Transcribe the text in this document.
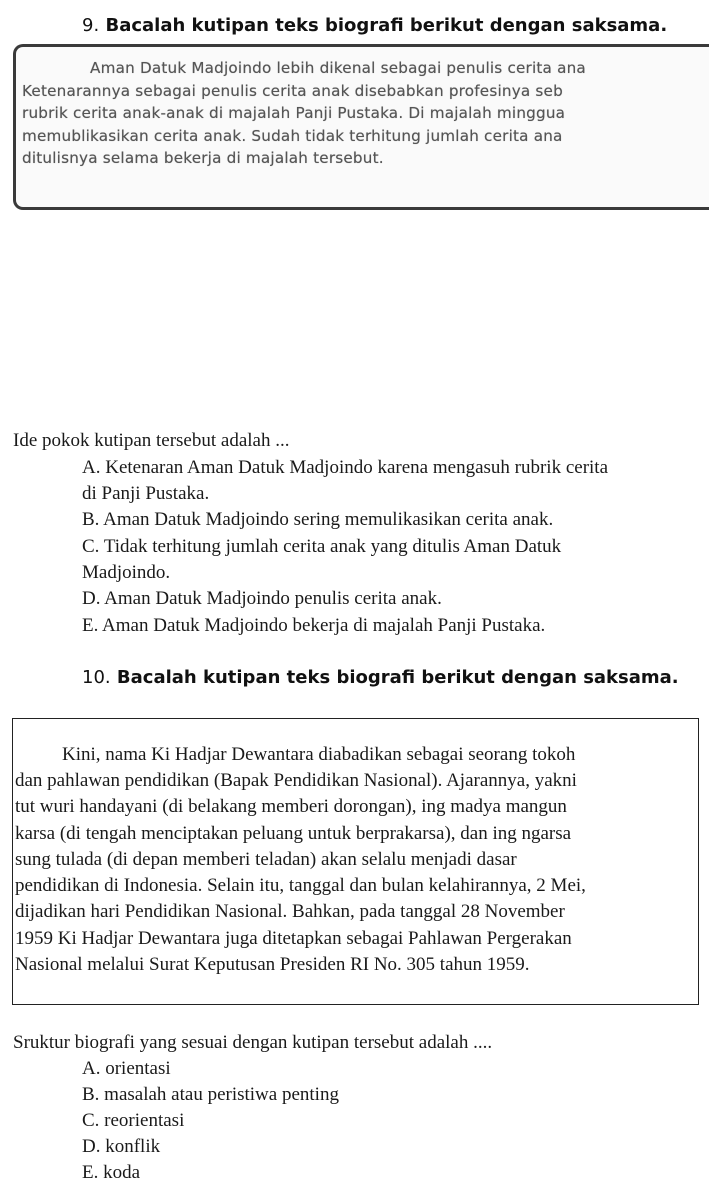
9. Bacalah kutipan teks biografi berikut dengan saksama.
Aman Datuk Madjoindo lebih dikenal sebagai penulis cerita ana
Ketenarannya sebagai penulis cerita anak disebabkan profesinya seb
rubrik cerita anak-anak di majalah Panji Pustaka. Di majalah minggua
memublikasikan cerita anak. Sudah tidak terhitung jumlah cerita ana
ditulisnya selama bekerja di majalah tersebut.
Ide pokok kutipan tersebut adalah ...
A. Ketenaran Aman Datuk Madjoindo karena mengasuh rubrik cerita
di Panji Pustaka.
B. Aman Datuk Madjoindo sering memulikasikan cerita anak.
C. Tidak terhitung jumlah cerita anak yang ditulis Aman Datuk
Madjoindo.
D. Aman Datuk Madjoindo penulis cerita anak.
E. Aman Datuk Madjoindo bekerja di majalah Panji Pustaka.
10. Bacalah kutipan teks biografi berikut dengan saksama.
Kini, nama Ki Hadjar Dewantara diabadikan sebagai seorang tokoh
dan pahlawan pendidikan (Bapak Pendidikan Nasional). Ajarannya, yakni
tut wuri handayani (di belakang memberi dorongan), ing madya mangun
karsa (di tengah menciptakan peluang untuk berprakarsa), dan ing ngarsa
sung tulada (di depan memberi teladan) akan selalu menjadi dasar
pendidikan di Indonesia. Selain itu, tanggal dan bulan kelahirannya, 2 Mei,
dijadikan hari Pendidikan Nasional. Bahkan, pada tanggal 28 November
1959 Ki Hadjar Dewantara juga ditetapkan sebagai Pahlawan Pergerakan
Nasional melalui Surat Keputusan Presiden RI No. 305 tahun 1959.
Sruktur biografi yang sesuai dengan kutipan tersebut adalah ....
A. orientasi
B. masalah atau peristiwa penting
C. reorientasi
D. konflik
E. koda
